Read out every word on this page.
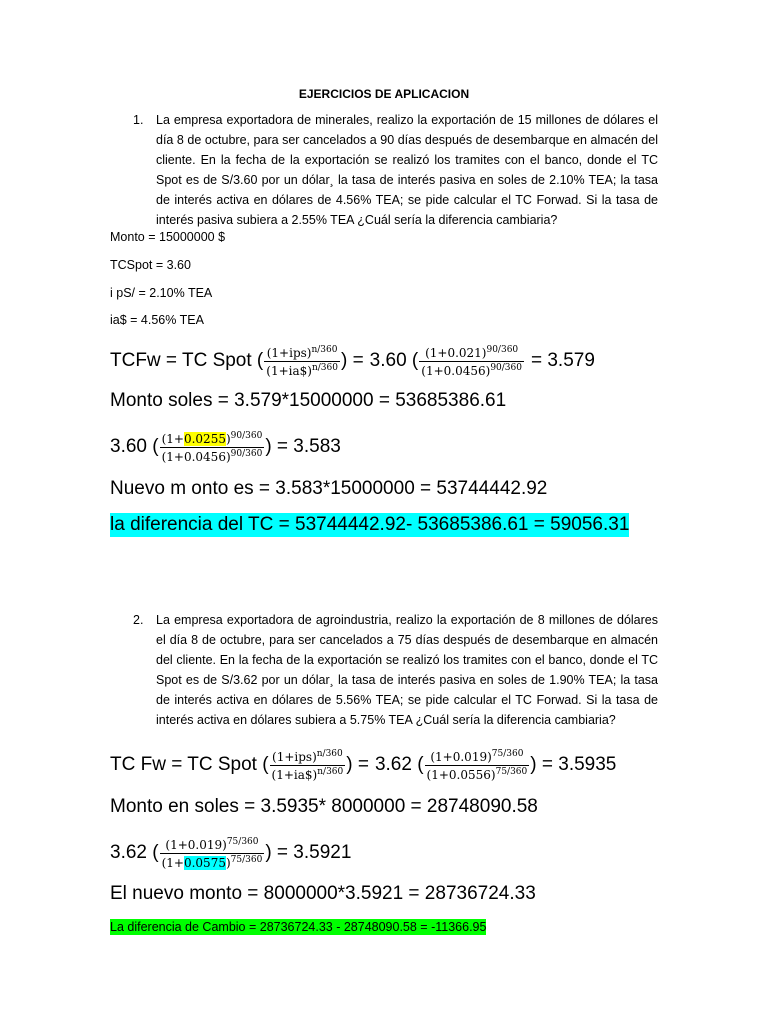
EJERCICIOS DE APLICACION
1. La empresa exportadora de minerales, realizo la exportación de 15 millones de dólares el día 8 de octubre, para ser cancelados a 90 días después de desembarque en almacén del cliente. En la fecha de la exportación se realizó los tramites con el banco, donde el TC Spot es de S/3.60 por un dólar¸ la tasa de interés pasiva en soles de 2.10% TEA; la tasa de interés activa en dólares de 4.56% TEA; se pide calcular el TC Forwad. Si la tasa de interés pasiva subiera a 2.55% TEA ¿Cuál sería la diferencia cambiaria?
Monto = 15000000 $
TCSpot = 3.60
i pS/ = 2.10% TEA
ia$ = 4.56% TEA
TCFw = TC Spot ( $\frac{(1+ips)^{n/360}}{(1+ia\$)^{n/360}}$ ) = 3.60 ( $\frac{(1+0.021)^{90/360}}{(1+0.0456)^{90/360}} = 3.579$
Monto soles = 3.579*15000000 = 53685386.61
3.60 ( $\frac{(1+0.0255)^{90/360}}{(1+0.0456)^{90/360}}$ ) = 3.583
Nuevo m onto es = 3.583*15000000 = 53744442.92
la diferencia del TC = 53744442.92- 53685386.61 = 59056.31
2. La empresa exportadora de agroindustria, realizo la exportación de 8 millones de dólares el día 8 de octubre, para ser cancelados a 75 días después de desembarque en almacén del cliente. En la fecha de la exportación se realizó los tramites con el banco, donde el TC Spot es de S/3.62 por un dólar¸ la tasa de interés pasiva en soles de 1.90% TEA; la tasa de interés activa en dólares de 5.56% TEA; se pide calcular el TC Forwad. Si la tasa de interés activa en dólares subiera a 5.75% TEA ¿Cuál sería la diferencia cambiaria?
TC Fw = TC Spot ( $\frac{(1+ips)^{n/360}}{(1+ia\$)^{n/360}}$ ) = 3.62 ( $\frac{(1+0.019)^{75/360}}{(1+0.0556)^{75/360}}$ ) = 3.5935
Monto en soles = 3.5935* 8000000 = 28748090.58
3.62 ( $\frac{(1+0.019)^{75/360}}{(1+0.0575)^{75/360}}$ ) = 3.5921
El nuevo monto = 8000000*3.5921 = 28736724.33
La diferencia de Cambio = 28736724.33 - 28748090.58 = -11366.95
